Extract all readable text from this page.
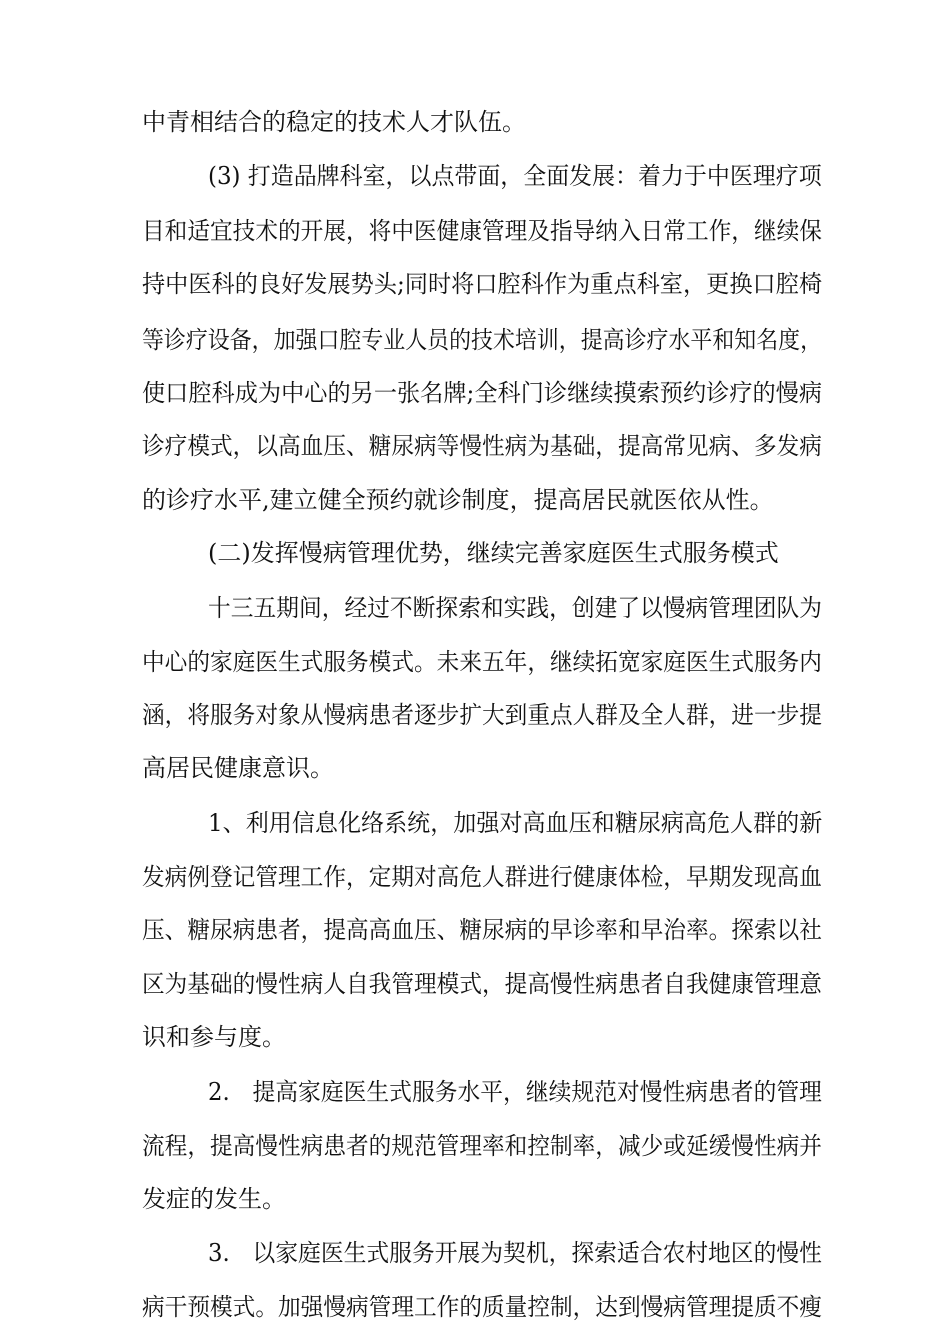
中青相结合的稳定的技术人才队伍。
(3) 打造品牌科室，以点带面，全面发展：着力于中医理疗项
目和适宜技术的开展，将中医健康管理及指导纳入日常工作，继续保
持中医科的良好发展势头;同时将口腔科作为重点科室，更换口腔椅
等诊疗设备，加强口腔专业人员的技术培训，提高诊疗水平和知名度，
使口腔科成为中心的另一张名牌;全科门诊继续摸索预约诊疗的慢病
诊疗模式，以高血压、糖尿病等慢性病为基础，提高常见病、多发病
的诊疗水平,建立健全预约就诊制度，提高居民就医依从性。
(二)发挥慢病管理优势，继续完善家庭医生式服务模式
十三五期间，经过不断探索和实践，创建了以慢病管理团队为
中心的家庭医生式服务模式。未来五年，继续拓宽家庭医生式服务内
涵，将服务对象从慢病患者逐步扩大到重点人群及全人群，进一步提
高居民健康意识。
1、利用信息化络系统，加强对高血压和糖尿病高危人群的新
发病例登记管理工作，定期对高危人群进行健康体检，早期发现高血
压、糖尿病患者，提高高血压、糖尿病的早诊率和早治率。探索以社
区为基础的慢性病人自我管理模式，提高慢性病患者自我健康管理意
识和参与度。
2.　提高家庭医生式服务水平，继续规范对慢性病患者的管理
流程，提高慢性病患者的规范管理率和控制率，减少或延缓慢性病并
发症的发生。
3.　以家庭医生式服务开展为契机，探索适合农村地区的慢性
病干预模式。加强慢病管理工作的质量控制，达到慢病管理提质不瘦
